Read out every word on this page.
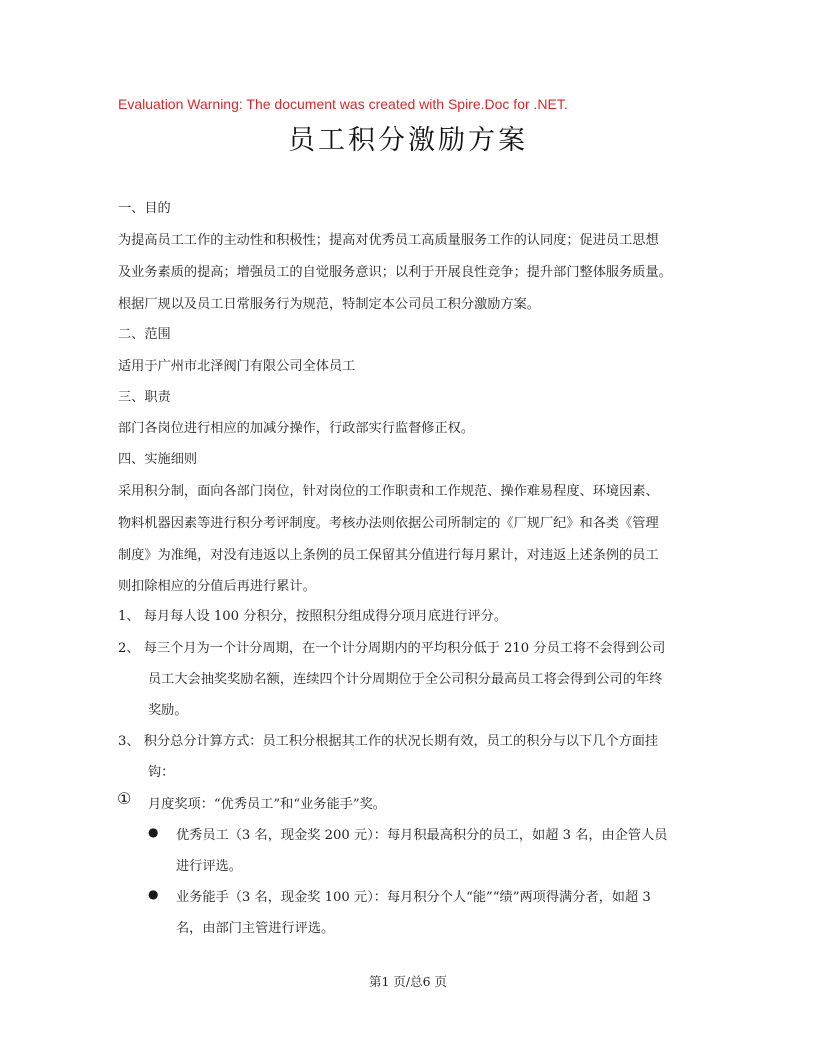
Evaluation Warning: The document was created with Spire.Doc for .NET.
员工积分激励方案
一、目的
为提高员工工作的主动性和积极性；提高对优秀员工高质量服务工作的认同度；促进员工思想
及业务素质的提高；增强员工的自觉服务意识；以利于开展良性竞争；提升部门整体服务质量。
根据厂规以及员工日常服务行为规范，特制定本公司员工积分激励方案。
二、范围
适用于广州市北泽阀门有限公司全体员工
三、职责
部门各岗位进行相应的加减分操作，行政部实行监督修正权。
四、实施细则
采用积分制，面向各部门岗位，针对岗位的工作职责和工作规范、操作难易程度、环境因素、
物料机器因素等进行积分考评制度。考核办法则依据公司所制定的《厂规厂纪》和各类《管理
制度》为准绳，对没有违返以上条例的员工保留其分值进行每月累计，对违返上述条例的员工
则扣除相应的分值后再进行累计。
1、 每月每人设 100 分积分，按照积分组成得分项月底进行评分。
2、 每三个月为一个计分周期，在一个计分周期内的平均积分低于 210 分员工将不会得到公司
员工大会抽奖奖励名额，连续四个计分周期位于全公司积分最高员工将会得到公司的年终
奖励。
3、 积分总分计算方式：员工积分根据其工作的状况长期有效，员工的积分与以下几个方面挂
钩：
① 月度奖项：“优秀员工”和“业务能手”奖。
● 优秀员工（3 名，现金奖 200 元）：每月积最高积分的员工，如超 3 名，由企管人员
进行评选。
● 业务能手（3 名，现金奖 100 元）：每月积分个人“能”“绩”两项得满分者，如超 3
名，由部门主管进行评选。
第1 页/总6 页
